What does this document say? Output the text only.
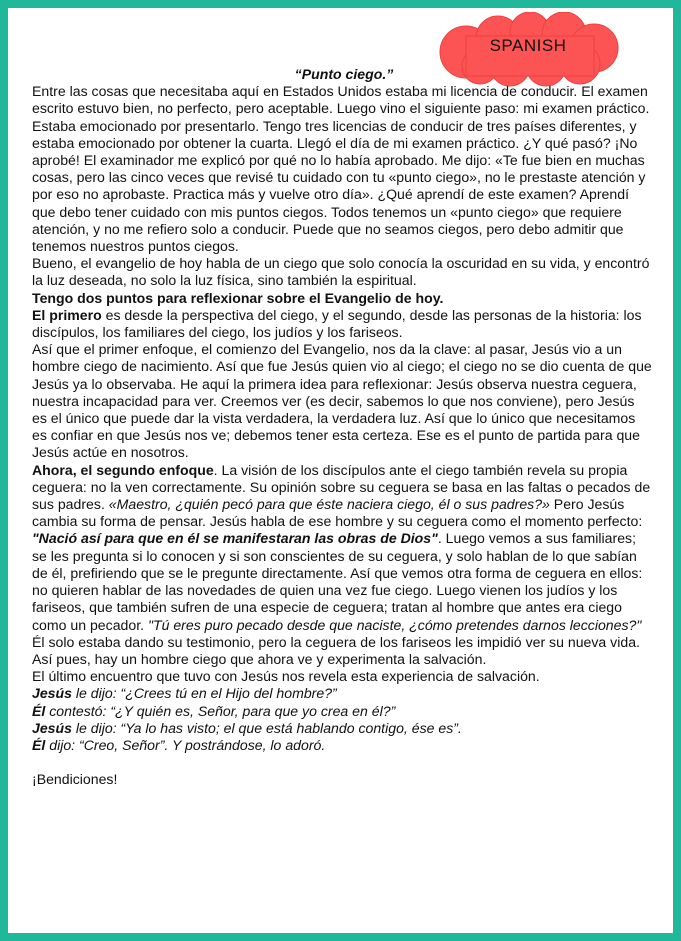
SPANISH

“Punto ciego.”

Entre las cosas que necesitaba aquí en Estados Unidos estaba mi licencia de conducir. El examen escrito estuvo bien, no perfecto, pero aceptable. Luego vino el siguiente paso: mi examen práctico. Estaba emocionado por presentarlo. Tengo tres licencias de conducir de tres países diferentes, y estaba emocionado por obtener la cuarta. Llegó el día de mi examen práctico. ¿Y qué pasó? ¡No aprobé! El examinador me explicó por qué no lo había aprobado. Me dijo: «Te fue bien en muchas cosas, pero las cinco veces que revisé tu cuidado con tu «punto ciego», no le prestaste atención y por eso no aprobaste. Practica más y vuelve otro día». ¿Qué aprendí de este examen? Aprendí que debo tener cuidado con mis puntos ciegos. Todos tenemos un «punto ciego» que requiere atención, y no me refiero solo a conducir. Puede que no seamos ciegos, pero debo admitir que tenemos nuestros puntos ciegos.

Bueno, el evangelio de hoy habla de un ciego que solo conocía la oscuridad en su vida, y encontró la luz deseada, no solo la luz física, sino también la espiritual.

Tengo dos puntos para reflexionar sobre el Evangelio de hoy.

El primero es desde la perspectiva del ciego, y el segundo, desde las personas de la historia: los discípulos, los familiares del ciego, los judíos y los fariseos.

Así que el primer enfoque, el comienzo del Evangelio, nos da la clave: al pasar, Jesús vio a un hombre ciego de nacimiento. Así que fue Jesús quien vio al ciego; el ciego no se dio cuenta de que Jesús ya lo observaba. He aquí la primera idea para reflexionar: Jesús observa nuestra ceguera, nuestra incapacidad para ver. Creemos ver (es decir, sabemos lo que nos conviene), pero Jesús es el único que puede dar la vista verdadera, la verdadera luz. Así que lo único que necesitamos es confiar en que Jesús nos ve; debemos tener esta certeza. Ese es el punto de partida para que Jesús actúe en nosotros.

Ahora, el segundo enfoque. La visión de los discípulos ante el ciego también revela su propia ceguera: no la ven correctamente. Su opinión sobre su ceguera se basa en las faltas o pecados de sus padres. «Maestro, ¿quién pecó para que éste naciera ciego, él o sus padres?» Pero Jesús cambia su forma de pensar. Jesús habla de ese hombre y su ceguera como el momento perfecto: "Nació así para que en él se manifestaran las obras de Dios". Luego vemos a sus familiares; se les pregunta si lo conocen y si son conscientes de su ceguera, y solo hablan de lo que sabían de él, prefiriendo que se le pregunte directamente. Así que vemos otra forma de ceguera en ellos: no quieren hablar de las novedades de quien una vez fue ciego. Luego vienen los judíos y los fariseos, que también sufren de una especie de ceguera; tratan al hombre que antes era ciego como un pecador. "Tú eres puro pecado desde que naciste, ¿cómo pretendes darnos lecciones?" Él solo estaba dando su testimonio, pero la ceguera de los fariseos les impidió ver su nueva vida. Así pues, hay un hombre ciego que ahora ve y experimenta la salvación.

El último encuentro que tuvo con Jesús nos revela esta experiencia de salvación.

Jesús le dijo: “¿Crees tú en el Hijo del hombre?”

Él contestó: “¿Y quién es, Señor, para que yo crea en él?”

Jesús le dijo: “Ya lo has visto; el que está hablando contigo, ése es”.

Él dijo: “Creo, Señor”. Y postrándose, lo adoró.

¡Bendiciones!
